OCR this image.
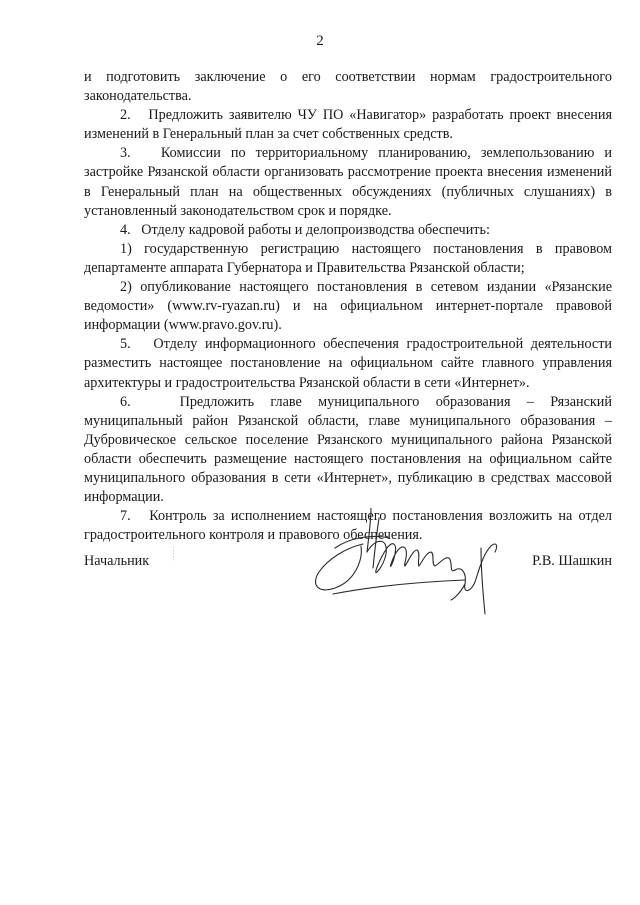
2

и подготовить заключение о его соответствии нормам градостроительного законодательства.

2.   Предложить заявителю ЧУ ПО «Навигатор» разработать проект внесения изменений в Генеральный план за счет собственных средств.

3.   Комиссии по территориальному планированию, землепользованию и застройке Рязанской области организовать рассмотрение проекта внесения изменений в Генеральный план на общественных обсуждениях (публичных слушаниях) в установленный законодательством срок и порядке.

4.   Отделу кадровой работы и делопроизводства обеспечить:

1) государственную регистрацию настоящего постановления в правовом департаменте аппарата Губернатора и Правительства Рязанской области;

2) опубликование настоящего постановления в сетевом издании «Рязанские ведомости» (www.rv-ryazan.ru) и на официальном интернет-портале правовой информации (www.pravo.gov.ru).

5.   Отделу информационного обеспечения градостроительной деятельности разместить настоящее постановление на официальном сайте главного управления архитектуры и градостроительства Рязанской области в сети «Интернет».

6.   Предложить главе муниципального образования – Рязанский муниципальный район Рязанской области, главе муниципального образования – Дубровическое сельское поселение Рязанского муниципального района Рязанской области обеспечить размещение настоящего постановления на официальном сайте муниципального образования в сети «Интернет», публикацию в средствах массовой информации.

7.   Контроль за исполнением настоящего постановления возложить на отдел градостроительного контроля и правового обеспечения.

Начальник	Р.В. Шашкин
